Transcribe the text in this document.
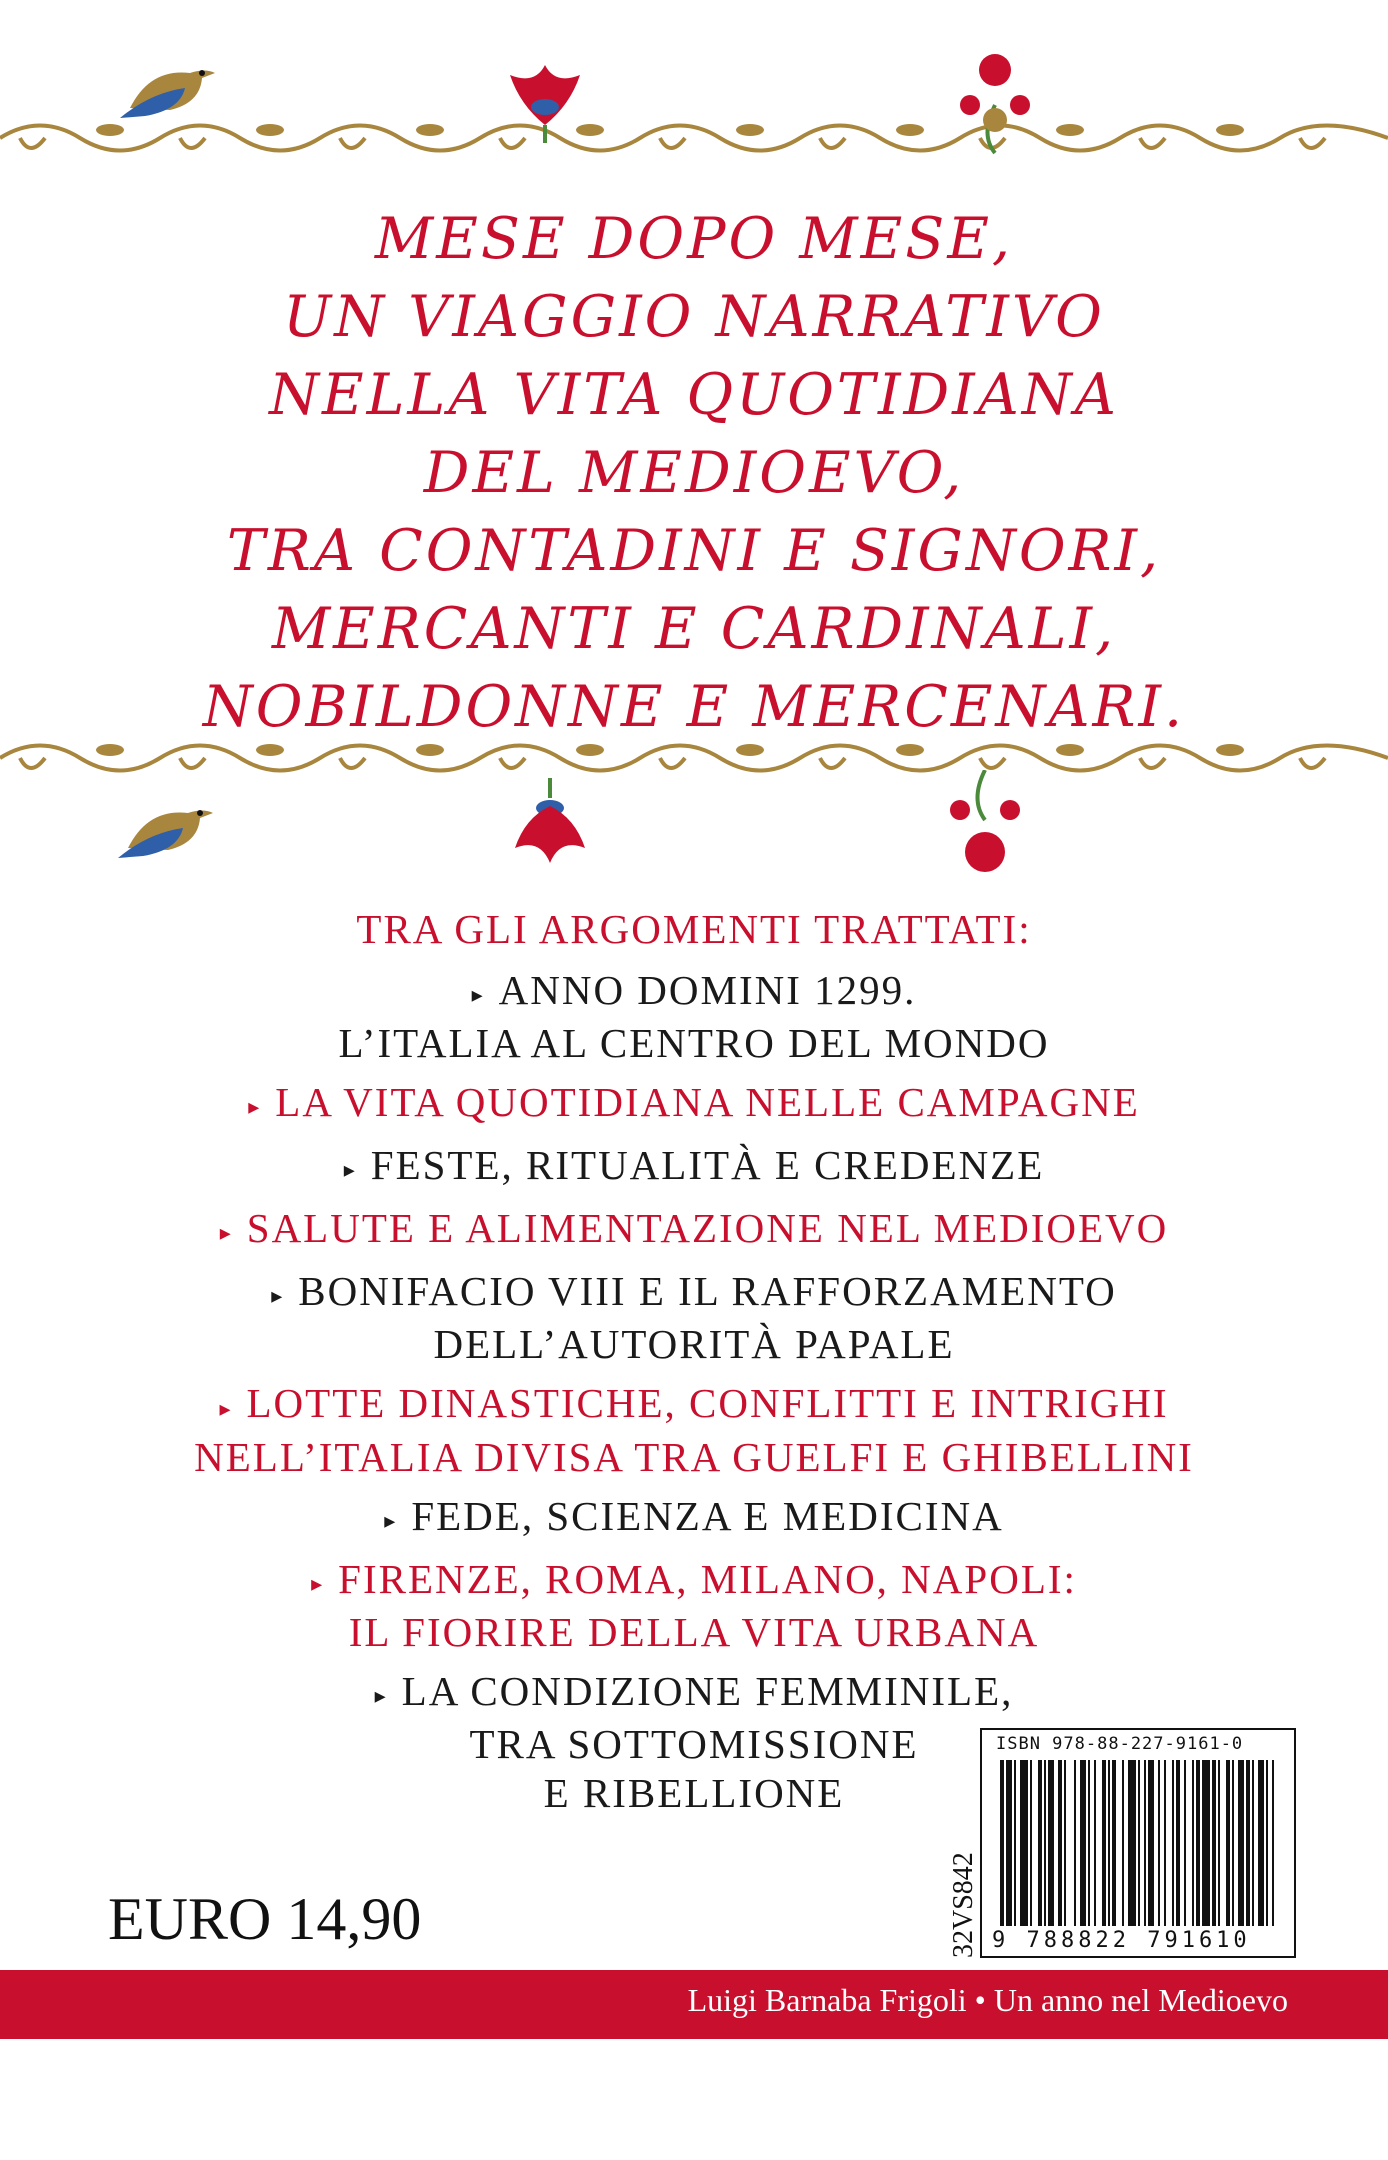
MESE DOPO MESE,
UN VIAGGIO NARRATIVO
NELLA VITA QUOTIDIANA
DEL MEDIOEVO,
TRA CONTADINI E SIGNORI,
MERCANTI E CARDINALI,
NOBILDONNE E MERCENARI.
TRA GLI ARGOMENTI TRATTATI:
▸ ANNO DOMINI 1299.
L’ITALIA AL CENTRO DEL MONDO
▸ LA VITA QUOTIDIANA NELLE CAMPAGNE
▸ FESTE, RITUALITÀ E CREDENZE
▸ SALUTE E ALIMENTAZIONE NEL MEDIOEVO
▸ BONIFACIO VIII E IL RAFFORZAMENTO
DELL’AUTORITÀ PAPALE
▸ LOTTE DINASTICHE, CONFLITTI E INTRIGHI
NELL’ITALIA DIVISA TRA GUELFI E GHIBELLINI
▸ FEDE, SCIENZA E MEDICINA
▸ FIRENZE, ROMA, MILANO, NAPOLI:
IL FIORIRE DELLA VITA URBANA
▸ LA CONDIZIONE FEMMINILE,
TRA SOTTOMISSIONE
E RIBELLIONE
EURO 14,90	32VS842
ISBN 978-88-227-9161-0
9 788822 791610
Luigi Barnaba Frigoli • Un anno nel Medioevo
